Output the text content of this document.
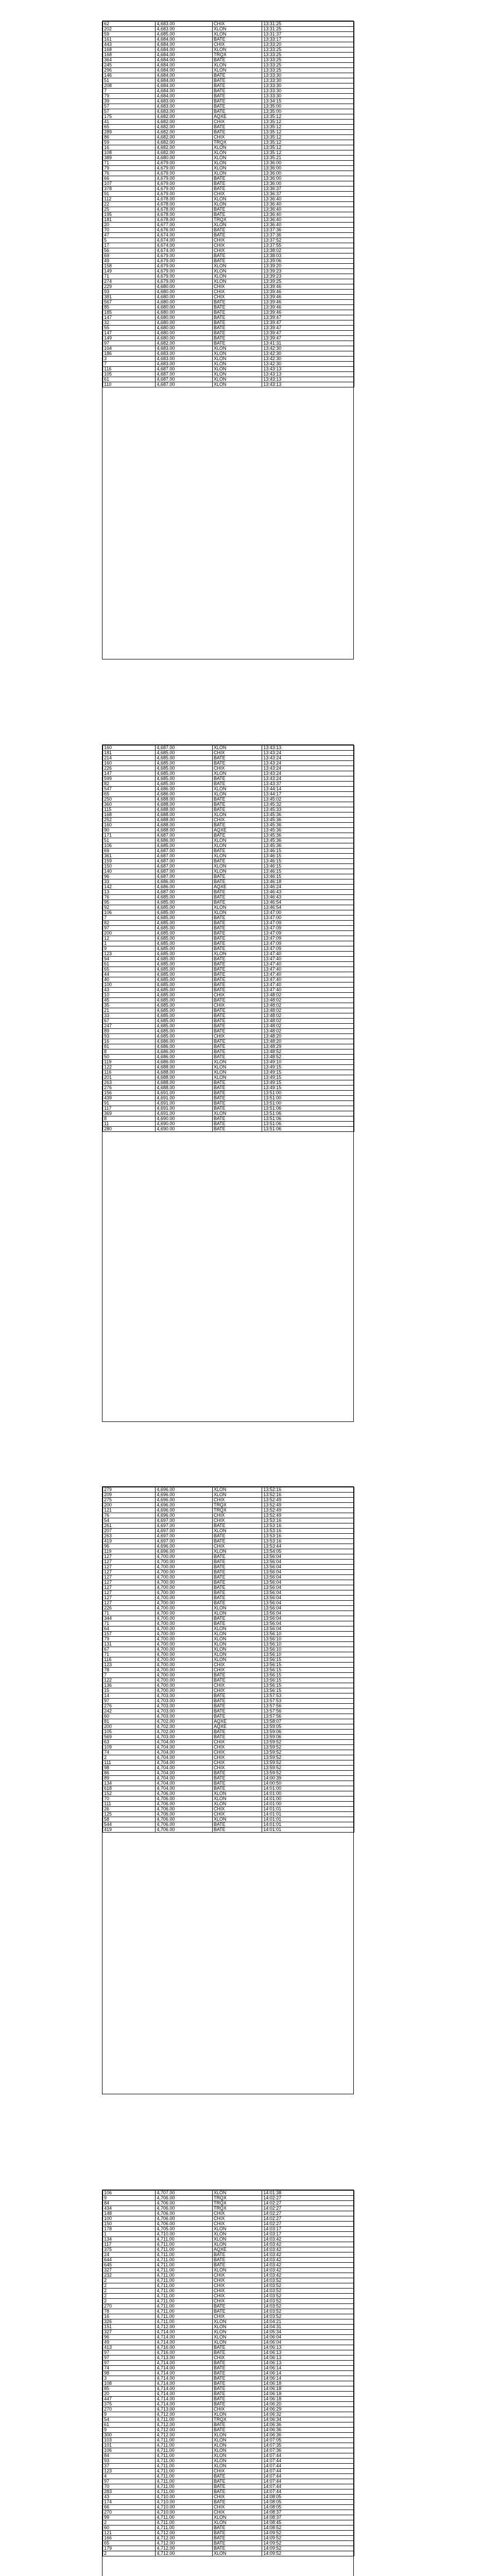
62	4,683.00	CHIX	13:31:25
202	4,683.00	XLON	13:31:25
59	4,685.00	XLON	13:31:37
161	4,684.00	BATE	13:33:17
443	4,684.00	CHIX	13:33:20
168	4,684.00	XLON	13:33:25
168	4,684.00	TRQX	13:33:25
364	4,684.00	BATE	13:33:25
245	4,684.00	XLON	13:33:25
296	4,684.00	XLON	13:33:25
146	4,684.00	BATE	13:33:30
51	4,684.00	BATE	13:33:30
208	4,684.00	BATE	13:33:30
7	4,684.00	BATE	13:33:30
79	4,684.00	BATE	13:33:30
39	4,683.00	BATE	13:34:15
57	4,683.00	BATE	13:35:00
57	4,683.00	BATE	13:35:00
175	4,682.00	AQXE	13:35:12
41	4,682.00	CHIX	13:35:12
65	4,682.00	BATE	13:35:12
289	4,682.00	BATE	13:35:12
86	4,682.00	CHIX	13:35:12
59	4,682.00	TRQX	13:35:12
16	4,682.00	XLON	13:35:12
108	4,682.00	XLON	13:35:12
389	4,680.00	XLON	13:35:21
71	4,679.00	XLON	13:36:00
79	4,679.00	XLON	13:36:00
76	4,679.00	XLON	13:36:00
66	4,679.00	BATE	13:36:00
107	4,679.00	BATE	13:36:00
378	4,679.00	BATE	13:36:37
91	4,679.00	CHIX	13:36:37
112	4,678.00	XLON	13:36:40
22	4,678.00	XLON	13:36:40
25	4,678.00	BATE	13:36:40
195	4,678.00	BATE	13:36:40
181	4,678.00	TRQX	13:36:40
20	4,677.00	XLON	13:36:40
70	4,676.00	BATE	13:37:36
47	4,674.00	BATE	13:37:36
5	4,674.00	CHIX	13:37:52
17	4,674.00	CHIX	13:37:55
56	4,674.00	CHIX	13:38:02
69	4,679.00	BATE	13:38:03
49	4,679.00	BATE	13:39:06
158	4,679.00	XLON	13:39:20
149	4,679.00	XLON	13:39:23
71	4,679.00	XLON	13:39:23
274	4,679.00	XLON	13:39:25
229	4,680.00	CHIX	13:39:46
93	4,680.00	CHIX	13:39:46
381	4,680.00	CHIX	13:39:46
567	4,680.00	BATE	13:39:46
85	4,680.00	BATE	13:39:46
185	4,680.00	BATE	13:39:46
147	4,680.00	BATE	13:39:47
32	4,680.00	BATE	13:39:47
55	4,680.00	BATE	13:39:47
147	4,680.00	BATE	13:39:47
149	4,680.00	BATE	13:39:47
97	4,682.00	BATE	13:41:31
104	4,683.00	XLON	13:42:30
186	4,683.00	XLON	13:42:30
3	4,683.00	XLON	13:42:30
7	4,683.00	XLON	13:42:30
116	4,687.00	XLON	13:43:13
105	4,687.00	XLON	13:43:13
61	4,687.00	XLON	13:43:13
110	4,687.00	XLON	13:43:13
160	4,687.00	XLON	13:43:13
181	4,685.00	CHIX	13:43:24
214	4,685.00	BATE	13:43:24
160	4,685.00	BATE	13:43:24
226	4,685.00	CHIX	13:43:24
147	4,685.00	XLON	13:43:24
599	4,685.00	BATE	13:43:24
82	4,685.00	BATE	13:43:37
547	4,686.00	XLON	13:44:14
65	4,686.00	XLON	13:44:17
250	4,688.00	BATE	13:45:02
360	4,688.00	BATE	13:45:32
115	4,688.00	BATE	13:45:33
168	4,688.00	XLON	13:45:36
252	4,688.00	CHIX	13:45:36
160	4,688.00	BATE	13:45:36
90	4,688.00	AQXE	13:45:36
171	4,687.00	BATE	13:45:36
51	4,686.00	XLON	13:45:36
106	4,685.00	XLON	13:45:36
69	4,687.00	BATE	13:46:15
361	4,687.00	XLON	13:46:15
159	4,687.00	BATE	13:46:15
150	4,687.00	XLON	13:46:15
140	4,687.00	XLON	13:46:15
96	4,687.00	BATE	13:46:15
33	4,686.00	BATE	13:46:18
142	4,686.00	AQXE	13:46:24
13	4,687.00	BATE	13:46:43
76	4,685.00	BATE	13:46:43
95	4,685.00	BATE	13:46:54
92	4,685.00	XLON	13:46:54
106	4,685.00	XLON	13:47:00
7	4,685.00	BATE	13:47:00
82	4,685.00	BATE	13:47:09
97	4,685.00	BATE	13:47:09
200	4,685.00	BATE	13:47:09
12	4,685.00	BATE	13:47:09
1	4,685.00	BATE	13:47:09
9	4,685.00	BATE	13:47:09
123	4,685.00	XLON	13:47:40
94	4,685.00	BATE	13:47:40
61	4,685.00	BATE	13:47:40
65	4,685.00	BATE	13:47:40
44	4,685.00	BATE	13:47:40
40	4,685.00	BATE	13:47:40
100	4,685.00	BATE	13:47:40
43	4,685.00	BATE	13:47:40
10	4,685.00	CHIX	13:48:02
45	4,685.00	BATE	13:48:02
35	4,685.00	CHIX	13:48:02
21	4,685.00	BATE	13:48:02
33	4,685.00	BATE	13:48:02
67	4,685.00	BATE	13:48:02
247	4,685.00	BATE	13:48:02
89	4,685.00	BATE	13:48:02
93	4,685.00	CHIX	13:48:20
16	4,686.00	BATE	13:48:20
81	4,686.00	BATE	13:48:29
8	4,686.00	BATE	13:48:52
50	4,686.00	BATE	13:48:52
119	4,686.00	XLON	13:49:10
122	4,688.00	XLON	13:49:15
116	4,688.00	XLON	13:49:15
201	4,688.00	XLON	13:49:15
263	4,688.00	BATE	13:49:15
276	4,688.00	BATE	13:49:15
156	4,691.00	BATE	13:51:00
439	4,691.00	BATE	13:51:00
91	4,691.00	BATE	13:51:00
117	4,691.00	BATE	13:51:06
369	4,691.00	XLON	13:51:06
8	4,690.00	BATE	13:51:06
11	4,690.00	BATE	13:51:06
280	4,690.00	BATE	13:51:06
279	4,696.00	XLON	13:52:16
209	4,696.00	XLON	13:52:16
275	4,696.00	CHIX	13:52:49
200	4,696.00	TRQX	13:52:49
121	4,696.00	TRQX	13:52:49
76	4,696.00	CHIX	13:52:49
54	4,697.00	CHIX	13:53:16
261	4,697.00	BATE	13:53:16
207	4,697.00	XLON	13:53:16
263	4,697.00	BATE	13:53:16
419	4,697.00	BATE	13:53:16
96	4,696.00	CHIX	13:53:44
119	4,696.00	XLON	13:54:05
127	4,700.00	BATE	13:56:04
127	4,700.00	BATE	13:56:04
127	4,700.00	BATE	13:56:04
127	4,700.00	BATE	13:56:04
127	4,700.00	BATE	13:56:04
127	4,700.00	BATE	13:56:04
127	4,700.00	BATE	13:56:04
127	4,700.00	BATE	13:56:04
127	4,700.00	BATE	13:56:04
127	4,700.00	BATE	13:56:04
226	4,700.00	XLON	13:56:04
71	4,700.00	XLON	13:56:04
344	4,700.00	BATE	13:56:04
71	4,700.00	BATE	13:56:04
64	4,700.00	XLON	13:56:04
157	4,700.00	XLON	13:56:10
79	4,700.00	XLON	13:56:10
131	4,700.00	XLON	13:56:10
67	4,700.00	XLON	13:56:10
71	4,700.00	XLON	13:56:10
116	4,700.00	XLON	13:56:15
123	4,700.00	CHIX	13:56:15
78	4,700.00	CHIX	13:56:15
7	4,700.00	BATE	13:56:15
122	4,700.00	BATE	13:56:15
136	4,700.00	CHIX	13:56:15
15	4,700.00	CHIX	13:56:15
14	4,703.00	BATE	13:57:53
97	4,703.00	BATE	13:57:53
276	4,703.00	BATE	13:57:56
242	4,703.00	BATE	13:57:56
60	4,703.00	BATE	13:57:56
81	4,702.00	AQXE	13:58:07
200	4,702.00	AQXE	13:59:05
105	4,702.00	BATE	13:59:06
569	4,703.00	BATE	13:59:06
63	4,704.00	CHIX	13:59:52
109	4,704.00	CHIX	13:59:52
74	4,704.00	CHIX	13:59:52
2	4,704.00	CHIX	13:59:52
111	4,704.00	CHIX	13:59:52
98	4,704.00	CHIX	13:59:52
86	4,704.00	BATE	13:59:52
89	4,704.00	BATE	14:00:39
134	4,704.00	BATE	14:00:50
618	4,704.00	BATE	14:01:00
152	4,706.00	XLON	14:01:00
70	4,706.00	XLON	14:01:00
111	4,706.00	XLON	14:01:00
26	4,706.00	CHIX	14:01:01
125	4,706.00	CHIX	14:01:01
58	4,706.00	XLON	14:01:01
544	4,706.00	BATE	14:01:01
419	4,706.00	BATE	14:01:01
106	4,707.00	XLON	14:01:38
9	4,706.00	TRQX	14:02:27
84	4,706.00	TRQX	14:02:27
434	4,706.00	TRQX	14:02:27
148	4,706.00	CHIX	14:02:27
100	4,706.00	CHIX	14:02:27
150	4,706.00	CHIX	14:02:27
178	4,705.00	XLON	14:03:17
1	4,710.00	XLON	14:03:17
134	4,711.00	XLON	14:03:42
117	4,711.00	XLON	14:03:42
375	4,711.00	AQXE	14:03:42
24	4,711.00	BATE	14:03:42
644	4,711.00	BATE	14:03:42
645	4,711.00	BATE	14:03:42
327	4,711.00	XLON	14:03:42
232	4,711.00	CHIX	14:03:42
2	4,711.00	CHIX	14:03:52
2	4,711.00	CHIX	14:03:52
2	4,711.00	CHIX	14:03:52
2	4,711.00	CHIX	14:03:52
2	4,711.00	CHIX	14:03:52
270	4,711.00	BATE	14:03:52
78	4,711.00	BATE	14:03:52
16	4,711.00	CHIX	14:03:52
326	4,711.00	XLON	14:04:21
151	4,712.00	XLON	14:04:31
327	4,714.00	XLON	14:05:34
96	4,714.00	XLON	14:06:04
49	4,714.00	XLON	14:06:04
413	4,716.00	BATE	14:06:13
97	4,716.00	BATE	14:06:13
97	4,713.00	CHIX	14:06:13
97	4,714.00	BATE	14:06:13
74	4,714.00	BATE	14:06:14
98	4,714.00	BATE	14:06:14
3	4,714.00	BATE	14:06:14
108	4,714.00	BATE	14:06:18
85	4,714.00	BATE	14:06:18
20	4,714.00	BATE	14:06:18
447	4,714.00	BATE	14:06:18
375	4,714.00	BATE	14:06:20
270	4,713.00	CHIX	14:06:29
9	4,712.00	XLON	14:06:32
54	4,711.00	TRQX	14:06:34
61	4,712.00	BATE	14:06:36
9	4,712.00	BATE	14:06:36
300	4,712.00	XLON	14:06:36
103	4,711.00	XLON	14:07:05
101	4,711.00	XLON	14:07:35
106	4,711.00	XLON	14:07:36
84	4,711.00	XLON	14:07:44
93	4,711.00	XLON	14:07:44
37	4,711.00	XLON	14:07:44
123	4,711.00	CHIX	14:07:44
4	4,711.00	BATE	14:07:44
97	4,711.00	BATE	14:07:44
70	4,711.00	BATE	14:07:44
283	4,711.00	BATE	14:07:44
43	4,710.00	CHIX	14:08:05
174	4,710.00	BATE	14:08:05
66	4,710.00	CHIX	14:08:05
270	4,710.00	CHIX	14:08:37
99	4,711.00	XLON	14:08:37
2	4,711.00	XLON	14:08:45
60	4,711.00	BATE	14:08:52
121	4,712.00	BATE	14:09:52
166	4,712.00	BATE	14:09:52
65	4,712.00	BATE	14:09:52
179	4,712.00	BATE	14:09:52
2	4,712.00	XLON	14:09:52
